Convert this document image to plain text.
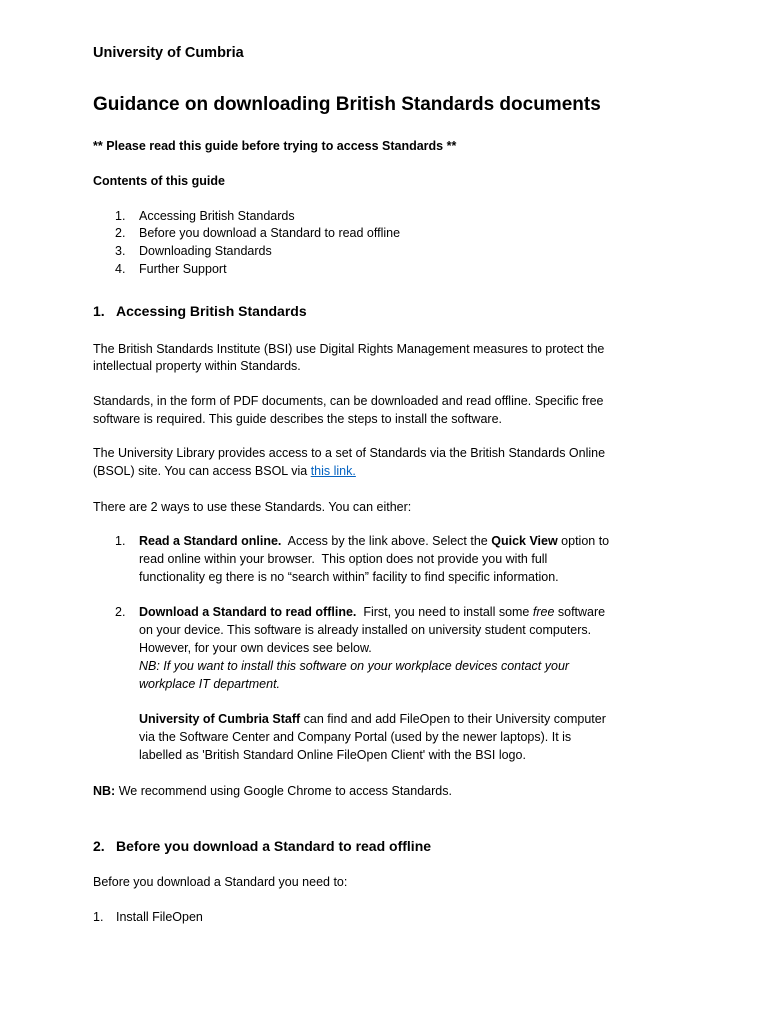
University of Cumbria
Guidance on downloading British Standards documents
** Please read this guide before trying to access Standards **
Contents of this guide
1. Accessing British Standards
2. Before you download a Standard to read offline
3. Downloading Standards
4. Further Support
1. Accessing British Standards
The British Standards Institute (BSI) use Digital Rights Management measures to protect the
intellectual property within Standards.
Standards, in the form of PDF documents, can be downloaded and read offline. Specific free
software is required. This guide describes the steps to install the software.
The University Library provides access to a set of Standards via the British Standards Online
(BSOL) site. You can access BSOL via this link.
There are 2 ways to use these Standards. You can either:
1. Read a Standard online.  Access by the link above. Select the Quick View option to
read online within your browser.  This option does not provide you with full
functionality eg there is no “search within” facility to find specific information.
2. Download a Standard to read offline.  First, you need to install some free software
on your device. This software is already installed on university student computers.
However, for your own devices see below.
NB: If you want to install this software on your workplace devices contact your
workplace IT department.
University of Cumbria Staff can find and add FileOpen to their University computer
via the Software Center and Company Portal (used by the newer laptops). It is
labelled as 'British Standard Online FileOpen Client' with the BSI logo.
NB: We recommend using Google Chrome to access Standards.
2. Before you download a Standard to read offline
Before you download a Standard you need to:
1. Install FileOpen
